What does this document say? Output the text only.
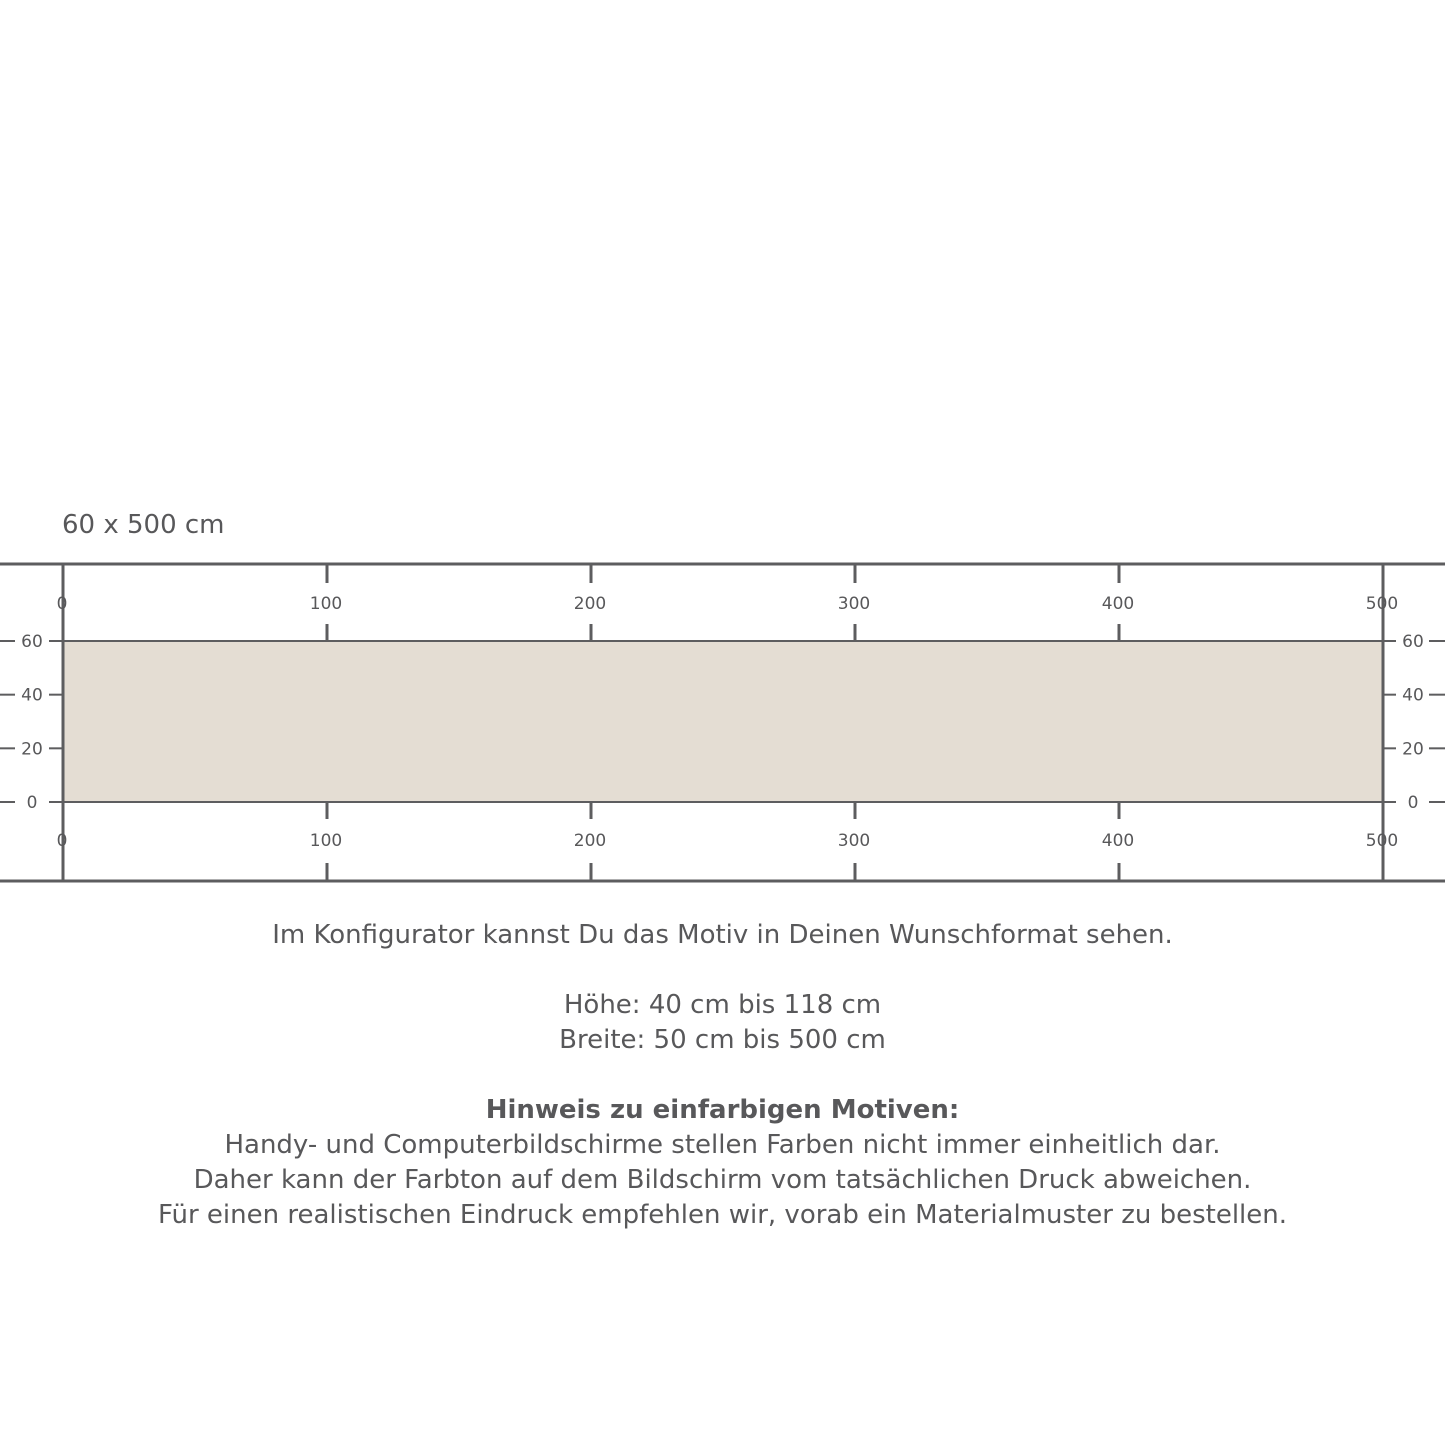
60 x 500 cm
0
0
100
100
200
200
300
300
400
400
500
500
0	0
20	20
40	40
60	60
Im Konfigurator kannst Du das Motiv in Deinen Wunschformat sehen.
Höhe: 40 cm bis 118 cm
Breite: 50 cm bis 500 cm
Hinweis zu einfarbigen Motiven:
Handy- und Computerbildschirme stellen Farben nicht immer einheitlich dar.
Daher kann der Farbton auf dem Bildschirm vom tatsächlichen Druck abweichen.
Für einen realistischen Eindruck empfehlen wir, vorab ein Materialmuster zu bestellen.
